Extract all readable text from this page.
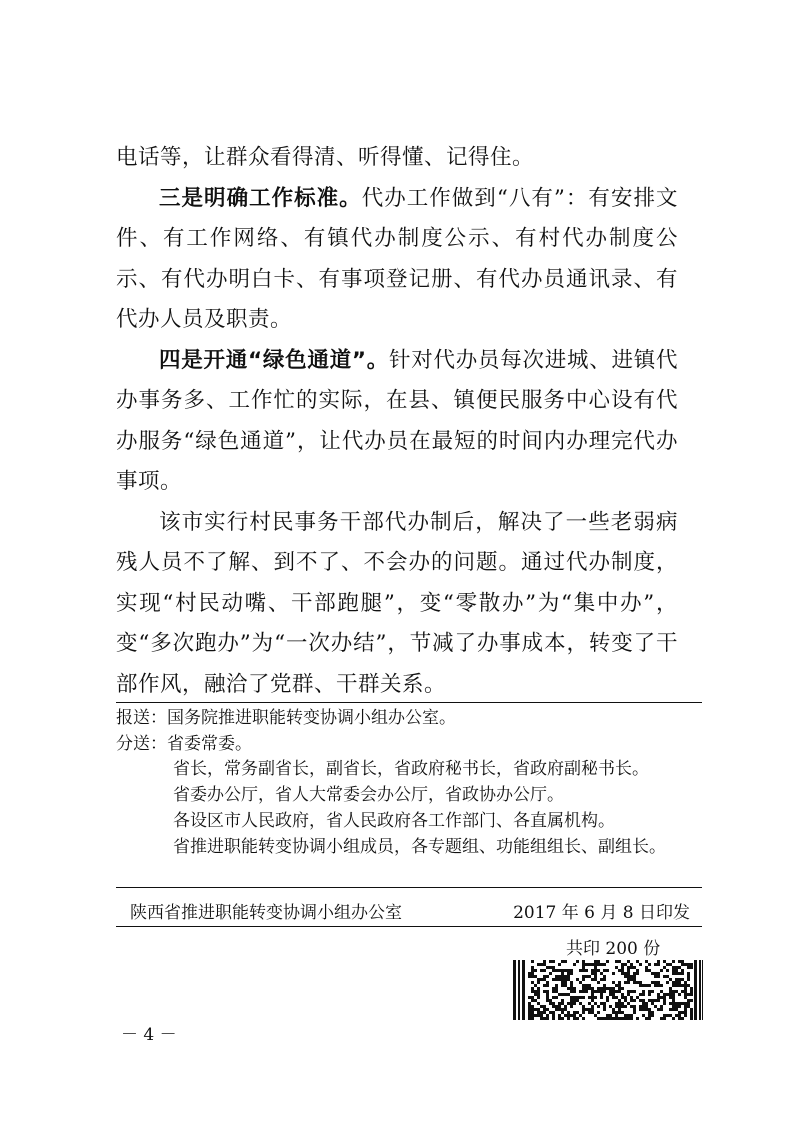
电话等，让群众看得清、听得懂、记得住。

三是明确工作标准。代办工作做到“八有”：有安排文件、有工作网络、有镇代办制度公示、有村代办制度公示、有代办明白卡、有事项登记册、有代办员通讯录、有代办人员及职责。

四是开通“绿色通道”。针对代办员每次进城、进镇代办事务多、工作忙的实际，在县、镇便民服务中心设有代办服务“绿色通道”，让代办员在最短的时间内办理完代办事项。

该市实行村民事务干部代办制后，解决了一些老弱病残人员不了解、到不了、不会办的问题。通过代办制度，实现“村民动嘴、干部跑腿”，变“零散办”为“集中办”，变“多次跑办”为“一次办结”，节减了办事成本，转变了干部作风，融洽了党群、干群关系。

报送：国务院推进职能转变协调小组办公室。
分送：省委常委。
省长，常务副省长，副省长，省政府秘书长，省政府副秘书长。
省委办公厅，省人大常委会办公厅，省政协办公厅。
各设区市人民政府，省人民政府各工作部门、各直属机构。
省推进职能转变协调小组成员，各专题组、功能组组长、副组长。
陕西省推进职能转变协调小组办公室	2017 年 6 月 8 日印发
共印 200 份
－ 4 －
